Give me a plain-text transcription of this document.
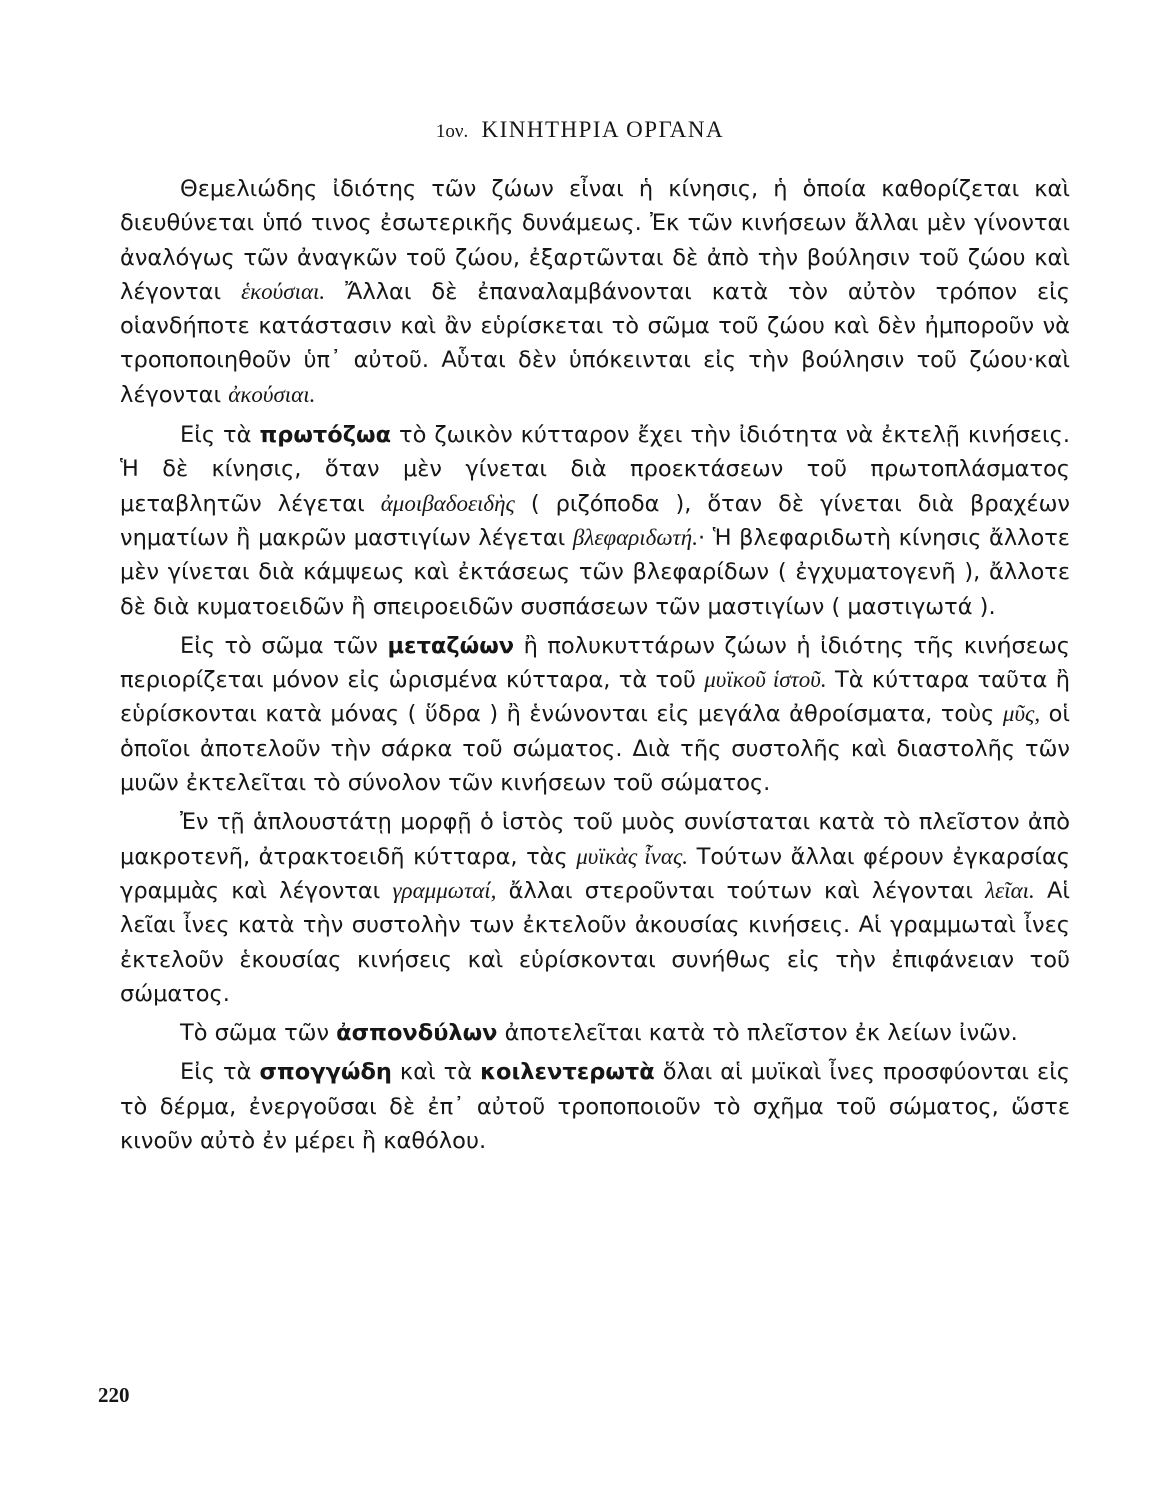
1ον. ΚΙΝΗΤΗΡΙΑ ΟΡΓΑΝΑ

Θεμελιώδης ἰδιότης τῶν ζώων εἶναι ἡ κίνησις, ἡ ὁποία καθορίζεται καὶ διευθύνεται ὑπό τινος ἐσωτερικῆς δυνάμεως. Ἐκ τῶν κινήσεων ἄλλαι μὲν γίνονται ἀναλόγως τῶν ἀναγκῶν τοῦ ζώου, ἐξαρτῶνται δὲ ἀπὸ τὴν βούλησιν τοῦ ζώου καὶ λέγονται ἑκούσιαι. Ἄλλαι δὲ ἐπαναλαμβάνονται κατὰ τὸν αὐτὸν τρόπον εἰς οἱανδήποτε κατάστασιν καὶ ἂν εὑρίσκεται τὸ σῶμα τοῦ ζώου καὶ δὲν ἠμποροῦν νὰ τροποποιηθοῦν ὑπ᾽ αὐτοῦ. Αὗται δὲν ὑπόκεινται εἰς τὴν βούλησιν τοῦ ζώου·καὶ λέγονται ἀκούσιαι.

Εἰς τὰ πρωτόζωα τὸ ζωικὸν κύτταρον ἔχει τὴν ἰδιότητα νὰ ἐκτελῇ κινήσεις. Ἡ δὲ κίνησις, ὅταν μὲν γίνεται διὰ προεκτάσεων τοῦ πρωτοπλάσματος μεταβλητῶν λέγεται ἀμοιβαδοειδὴς ( ριζόποδα ), ὅταν δὲ γίνεται διὰ βραχέων νηματίων ἢ μακρῶν μαστιγίων λέγεται βλεφαριδωτή.· Ἡ βλεφαριδωτὴ κίνησις ἄλλοτε μὲν γίνεται διὰ κάμψεως καὶ ἐκτάσεως τῶν βλεφαρίδων ( ἐγχυματογενῆ ), ἄλλοτε δὲ διὰ κυματοειδῶν ἢ σπειροειδῶν συσπάσεων τῶν μαστιγίων ( μαστιγωτά ).

Εἰς τὸ σῶμα τῶν μεταζώων ἢ πολυκυττάρων ζώων ἡ ἰδιότης τῆς κινήσεως περιορίζεται μόνον εἰς ὡρισμένα κύτταρα, τὰ τοῦ μυϊκοῦ ἱστοῦ. Τὰ κύτταρα ταῦτα ἢ εὑρίσκονται κατὰ μόνας ( ὕδρα ) ἢ ἑνώνονται εἰς μεγάλα ἀθροίσματα, τοὺς μῦς, οἱ ὁποῖοι ἀποτελοῦν τὴν σάρκα τοῦ σώματος. Διὰ τῆς συστολῆς καὶ διαστολῆς τῶν μυῶν ἐκτελεῖται τὸ σύνολον τῶν κινήσεων τοῦ σώματος.

Ἐν τῇ ἁπλουστάτῃ μορφῇ ὁ ἱστὸς τοῦ μυὸς συνίσταται κατὰ τὸ πλεῖστον ἀπὸ μακροτενῆ, ἀτρακτοειδῆ κύτταρα, τὰς μυϊκὰς ἶνας. Τούτων ἄλλαι φέρουν ἐγκαρσίας γραμμὰς καὶ λέγονται γραμμωταί, ἄλλαι στεροῦνται τούτων καὶ λέγονται λεῖαι. Αἱ λεῖαι ἶνες κατὰ τὴν συστολὴν των ἐκτελοῦν ἀκουσίας κινήσεις. Αἱ γραμμωταὶ ἶνες ἐκτελοῦν ἑκουσίας κινήσεις καὶ εὑρίσκονται συνήθως εἰς τὴν ἐπιφάνειαν τοῦ σώματος.

Τὸ σῶμα τῶν ἀσπονδύλων ἀποτελεῖται κατὰ τὸ πλεῖστον ἐκ λείων ἰνῶν.

Εἰς τὰ σπογγώδη καὶ τὰ κοιλεντερωτὰ ὅλαι αἱ μυϊκαὶ ἶνες προσφύονται εἰς τὸ δέρμα, ἐνεργοῦσαι δὲ ἐπ᾽ αὐτοῦ τροποποιοῦν τὸ σχῆμα τοῦ σώματος, ὥστε κινοῦν αὐτὸ ἐν μέρει ἢ καθόλου.

220
